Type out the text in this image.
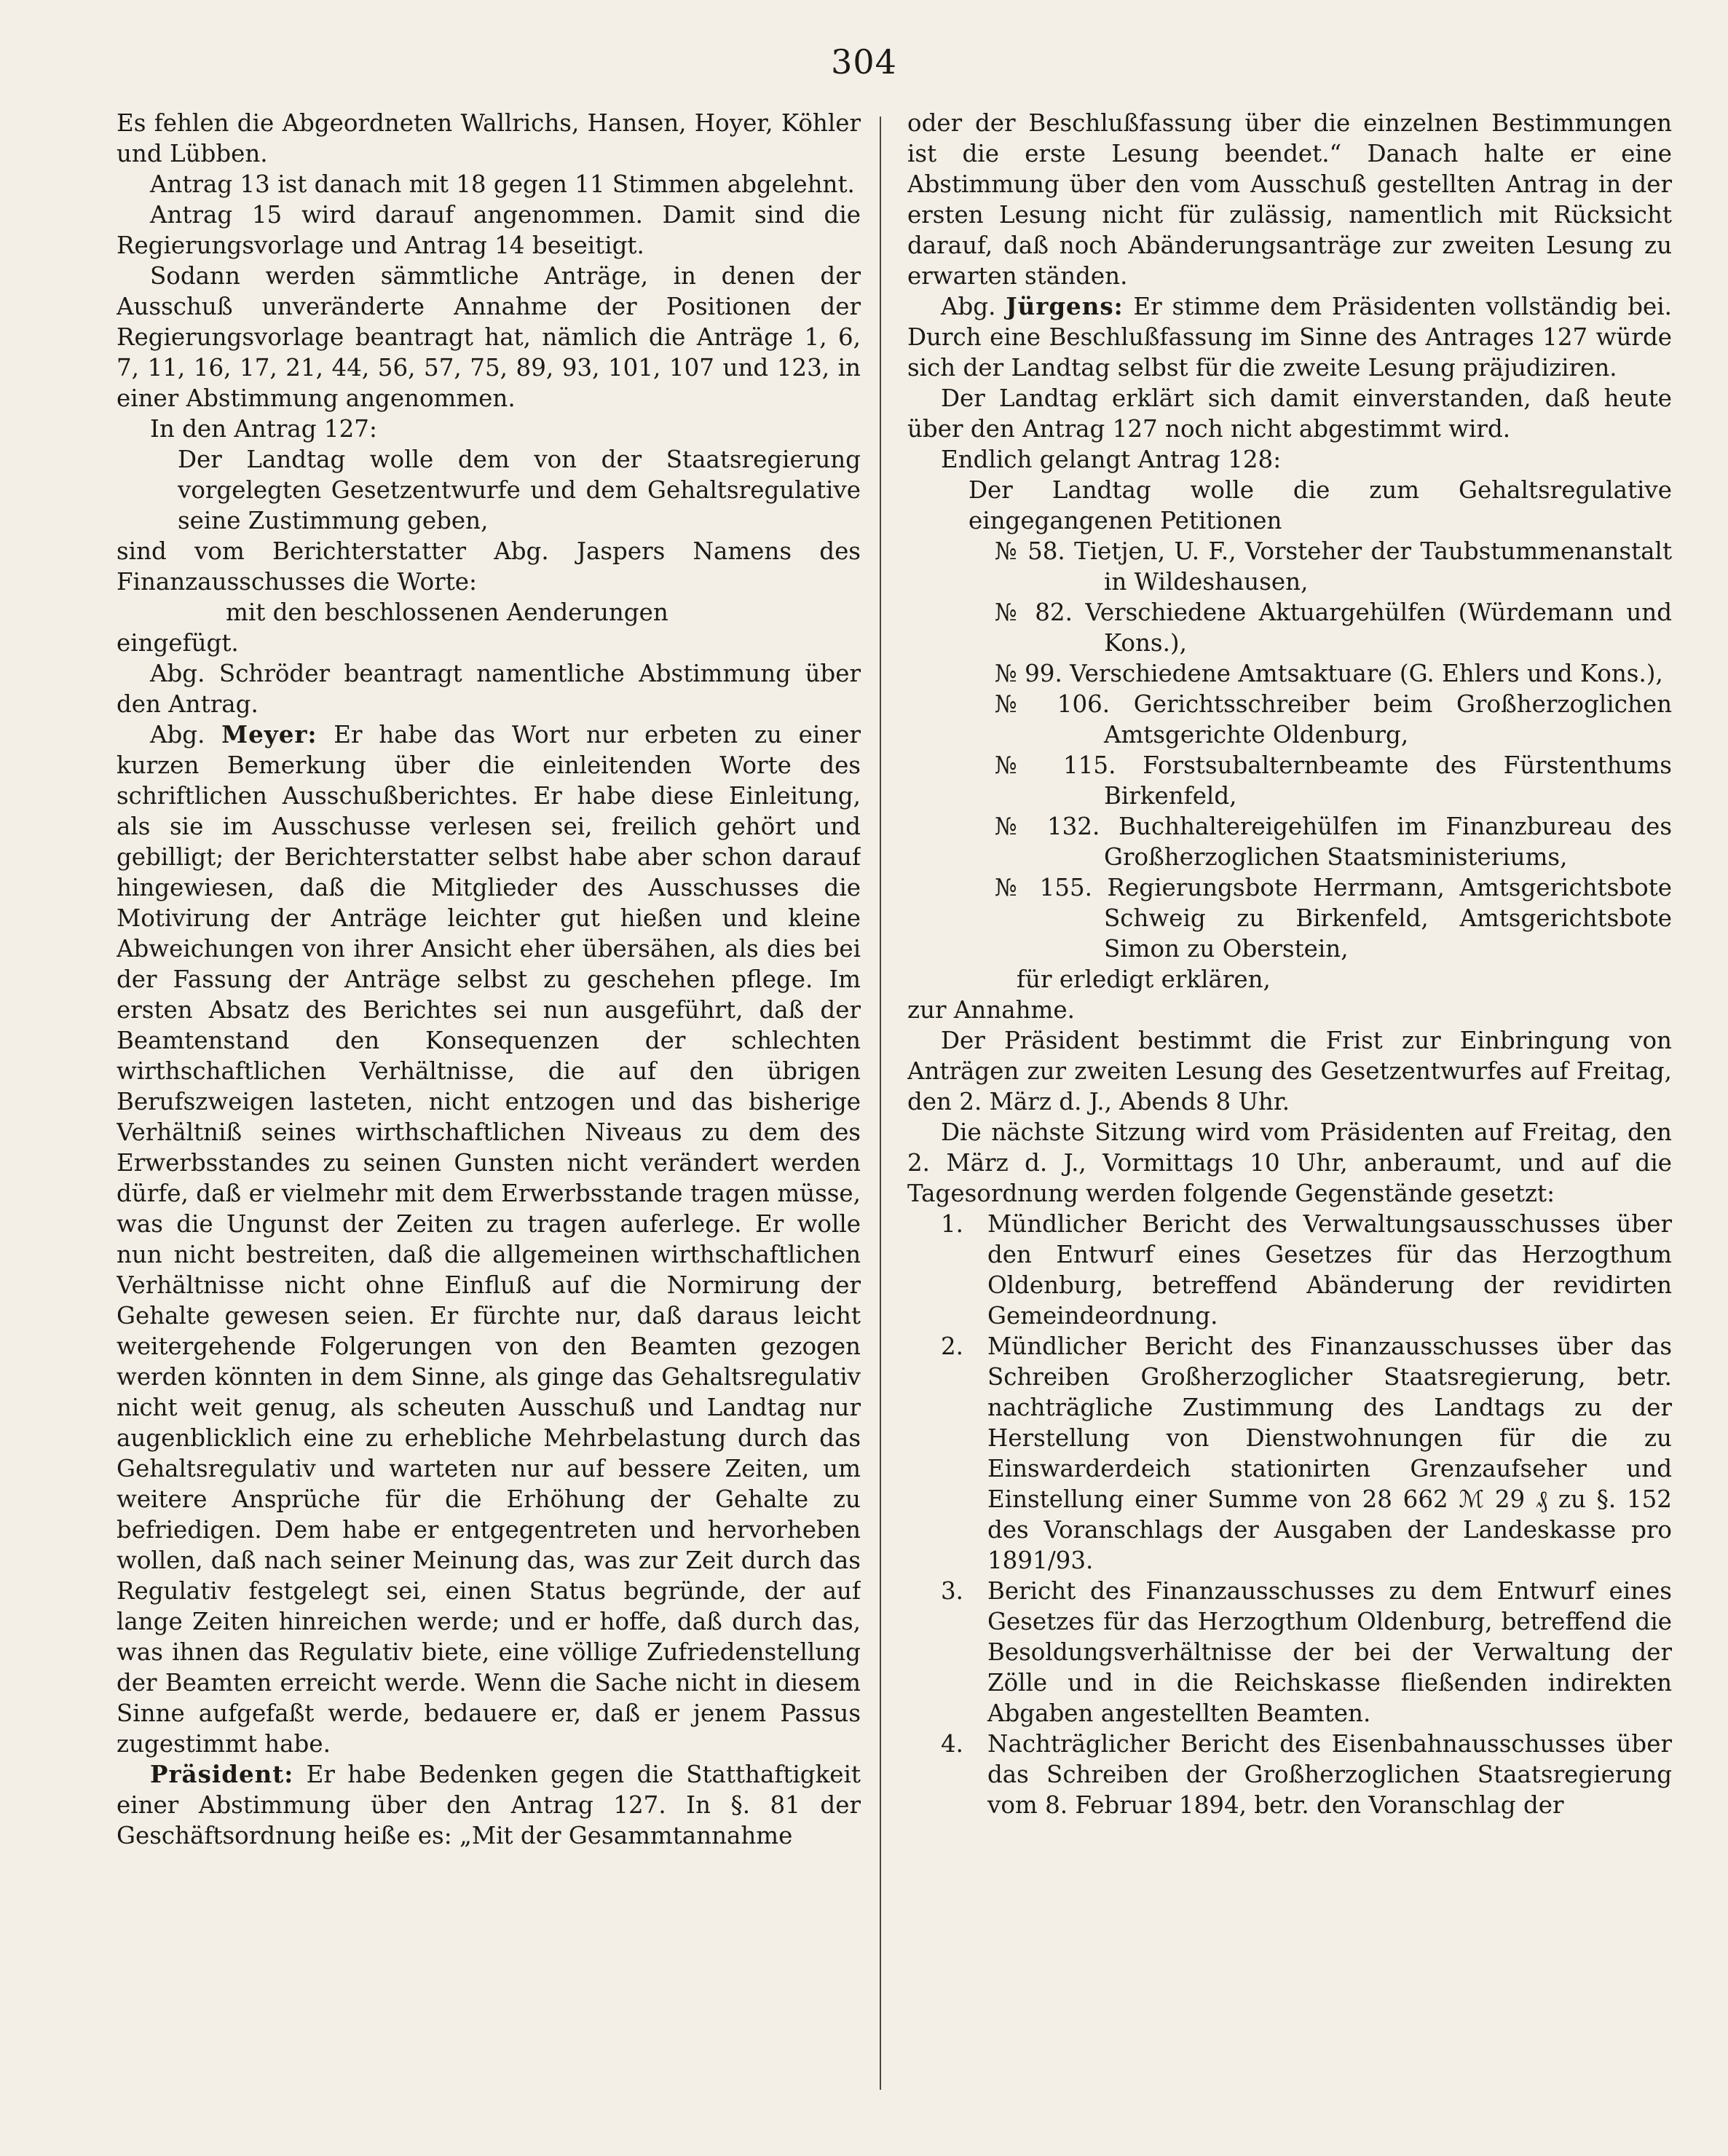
304

Es fehlen die Abgeordneten Wallrichs, Hansen, Hoyer, Köhler und Lübben.

Antrag 13 ist danach mit 18 gegen 11 Stimmen abgelehnt.

Antrag 15 wird darauf angenommen. Damit sind die Regierungsvorlage und Antrag 14 beseitigt.

Sodann werden sämmtliche Anträge, in denen der Ausschuß unveränderte Annahme der Positionen der Regierungsvorlage beantragt hat, nämlich die Anträge 1, 6, 7, 11, 16, 17, 21, 44, 56, 57, 75, 89, 93, 101, 107 und 123, in einer Abstimmung angenommen.

In den Antrag 127:

Der Landtag wolle dem von der Staatsregierung vorgelegten Gesetzentwurfe und dem Gehaltsregulative seine Zustimmung geben,

sind vom Berichterstatter Abg. Jaspers Namens des Finanzausschusses die Worte:

mit den beschlossenen Aenderungen

eingefügt.

Abg. Schröder beantragt namentliche Abstimmung über den Antrag.

Abg. Meyer: Er habe das Wort nur erbeten zu einer kurzen Bemerkung über die einleitenden Worte des schriftlichen Ausschußberichtes. Er habe diese Einleitung, als sie im Ausschusse verlesen sei, freilich gehört und gebilligt; der Berichterstatter selbst habe aber schon darauf hingewiesen, daß die Mitglieder des Ausschusses die Motivirung der Anträge leichter gut hießen und kleine Abweichungen von ihrer Ansicht eher übersähen, als dies bei der Fassung der Anträge selbst zu geschehen pflege. Im ersten Absatz des Berichtes sei nun ausgeführt, daß der Beamtenstand den Konsequenzen der schlechten wirthschaftlichen Verhältnisse, die auf den übrigen Berufszweigen lasteten, nicht entzogen und das bisherige Verhältniß seines wirthschaftlichen Niveaus zu dem des Erwerbsstandes zu seinen Gunsten nicht verändert werden dürfe, daß er vielmehr mit dem Erwerbsstande tragen müsse, was die Ungunst der Zeiten zu tragen auferlege. Er wolle nun nicht bestreiten, daß die allgemeinen wirthschaftlichen Verhältnisse nicht ohne Einfluß auf die Normirung der Gehalte gewesen seien. Er fürchte nur, daß daraus leicht weitergehende Folgerungen von den Beamten gezogen werden könnten in dem Sinne, als ginge das Gehaltsregulativ nicht weit genug, als scheuten Ausschuß und Landtag nur augenblicklich eine zu erhebliche Mehrbelastung durch das Gehaltsregulativ und warteten nur auf bessere Zeiten, um weitere Ansprüche für die Erhöhung der Gehalte zu befriedigen. Dem habe er entgegentreten und hervorheben wollen, daß nach seiner Meinung das, was zur Zeit durch das Regulativ festgelegt sei, einen Status begründe, der auf lange Zeiten hinreichen werde; und er hoffe, daß durch das, was ihnen das Regulativ biete, eine völlige Zufriedenstellung der Beamten erreicht werde. Wenn die Sache nicht in diesem Sinne aufgefaßt werde, bedauere er, daß er jenem Passus zugestimmt habe.

Präsident: Er habe Bedenken gegen die Statthaftigkeit einer Abstimmung über den Antrag 127. In §. 81 der Geschäftsordnung heiße es: „Mit der Gesammtannahme

oder der Beschlußfassung über die einzelnen Bestimmungen ist die erste Lesung beendet.“ Danach halte er eine Abstimmung über den vom Ausschuß gestellten Antrag in der ersten Lesung nicht für zulässig, namentlich mit Rücksicht darauf, daß noch Abänderungsanträge zur zweiten Lesung zu erwarten ständen.

Abg. Jürgens: Er stimme dem Präsidenten vollständig bei. Durch eine Beschlußfassung im Sinne des Antrages 127 würde sich der Landtag selbst für die zweite Lesung präjudiziren.

Der Landtag erklärt sich damit einverstanden, daß heute über den Antrag 127 noch nicht abgestimmt wird.

Endlich gelangt Antrag 128:

Der Landtag wolle die zum Gehaltsregulative eingegangenen Petitionen

№ 58. Tietjen, U. F., Vorsteher der Taubstummenanstalt in Wildeshausen,

№ 82. Verschiedene Aktuargehülfen (Würdemann und Kons.),

№ 99. Verschiedene Amtsaktuare (G. Ehlers und Kons.),

№ 106. Gerichtsschreiber beim Großherzoglichen Amtsgerichte Oldenburg,

№ 115. Forstsubalternbeamte des Fürstenthums Birkenfeld,

№ 132. Buchhaltereigehülfen im Finanzbureau des Großherzoglichen Staatsministeriums,

№ 155. Regierungsbote Herrmann, Amtsgerichtsbote Schweig zu Birkenfeld, Amtsgerichtsbote Simon zu Oberstein,

für erledigt erklären,

zur Annahme.

Der Präsident bestimmt die Frist zur Einbringung von Anträgen zur zweiten Lesung des Gesetzentwurfes auf Freitag, den 2. März d. J., Abends 8 Uhr.

Die nächste Sitzung wird vom Präsidenten auf Freitag, den 2. März d. J., Vormittags 10 Uhr, anberaumt, und auf die Tagesordnung werden folgende Gegenstände gesetzt:

1. Mündlicher Bericht des Verwaltungsausschusses über den Entwurf eines Gesetzes für das Herzogthum Oldenburg, betreffend Abänderung der revidirten Gemeindeordnung.

2. Mündlicher Bericht des Finanzausschusses über das Schreiben Großherzoglicher Staatsregierung, betr. nachträgliche Zustimmung des Landtags zu der Herstellung von Dienstwohnungen für die zu Einswarderdeich stationirten Grenzaufseher und Einstellung einer Summe von 28 662 ℳ 29 ₰ zu §. 152 des Voranschlags der Ausgaben der Landeskasse pro 1891/93.

3. Bericht des Finanzausschusses zu dem Entwurf eines Gesetzes für das Herzogthum Oldenburg, betreffend die Besoldungsverhältnisse der bei der Verwaltung der Zölle und in die Reichskasse fließenden indirekten Abgaben angestellten Beamten.

4. Nachträglicher Bericht des Eisenbahnausschusses über das Schreiben der Großherzoglichen Staatsregierung vom 8. Februar 1894, betr. den Voranschlag der
